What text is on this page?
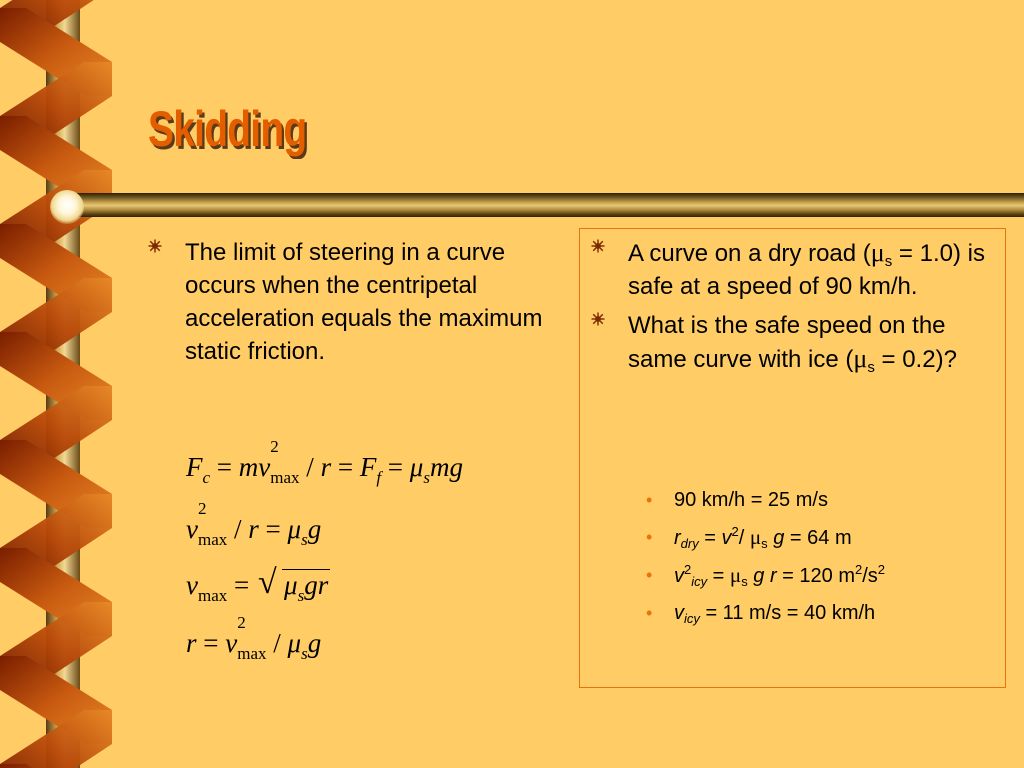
Skidding
The limit of steering in a curve occurs when the centripetal acceleration equals the maximum static friction.
$F_c$ = mv
2
$_{max} / r = F_f = \mu_smg$
v
2
$_{max} / r = \mu_sg$
$v_{max}$ = √ $\mu_sgr$
r = v
2
$_{max} / \mu_sg$
A curve on a dry road $(\mu_s = 1.0)$ is safe at a speed of 90 km/h.
What is the safe speed on the same curve with ice $(\mu_s = 0.2)$?
• 90 km/h = 25 m/s
• $r_{dry} = v^2/$ $\mu_s$ g = 64 m
• $v^2_{icy} = \mu_s$ g r = 120 $m^2/s^2$
• $v_{icy} = 11$ m/s = 40 km/h
